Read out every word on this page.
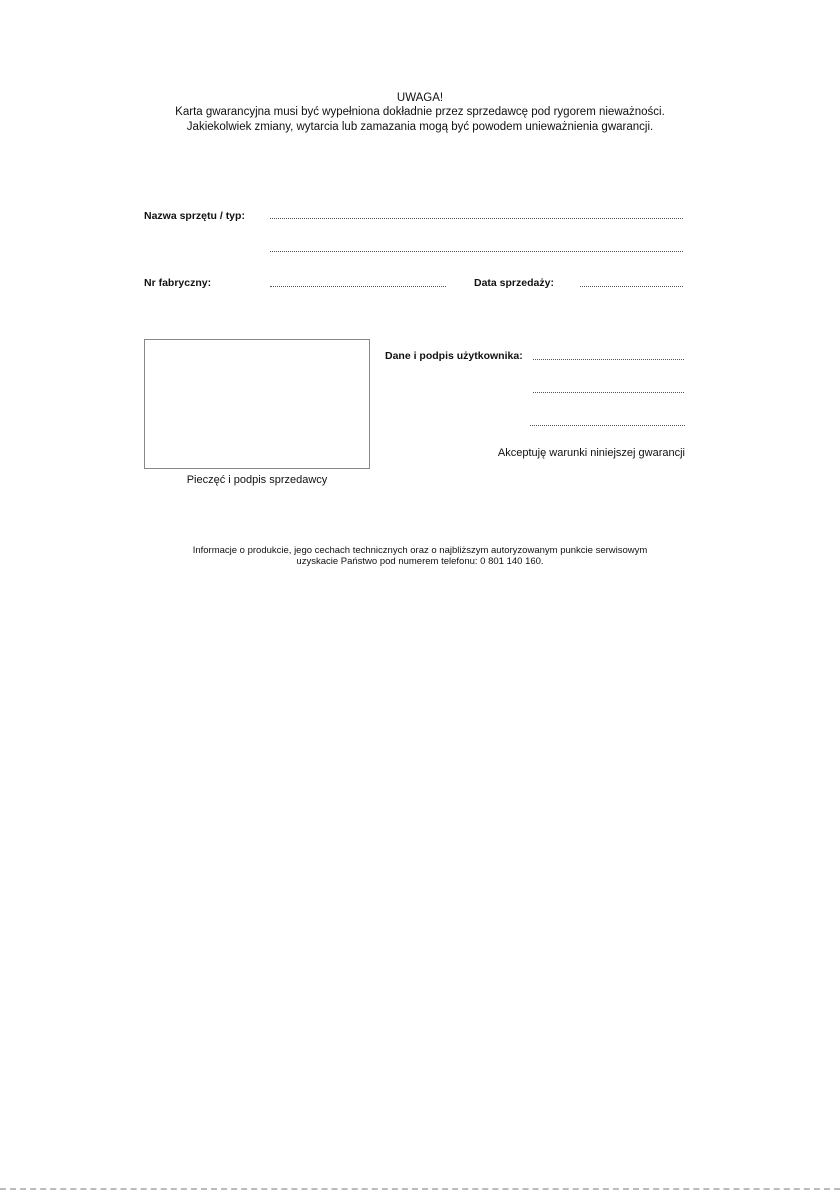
UWAGA!
Karta gwarancyjna musi być wypełniona dokładnie przez sprzedawcę pod rygorem nieważności.
Jakiekolwiek zmiany, wytarcia lub zamazania mogą być powodem unieważnienia gwarancji.
Nazwa sprzętu / typ:
Nr fabryczny:	Data sprzedaży:
Pieczęć i podpis sprzedawcy
Dane i podpis użytkownika:
Akceptuję warunki niniejszej gwarancji
Informacje o produkcie, jego cechach technicznych oraz o najbliższym autoryzowanym punkcie serwisowym
uzyskacie Państwo pod numerem telefonu: 0 801 140 160.
